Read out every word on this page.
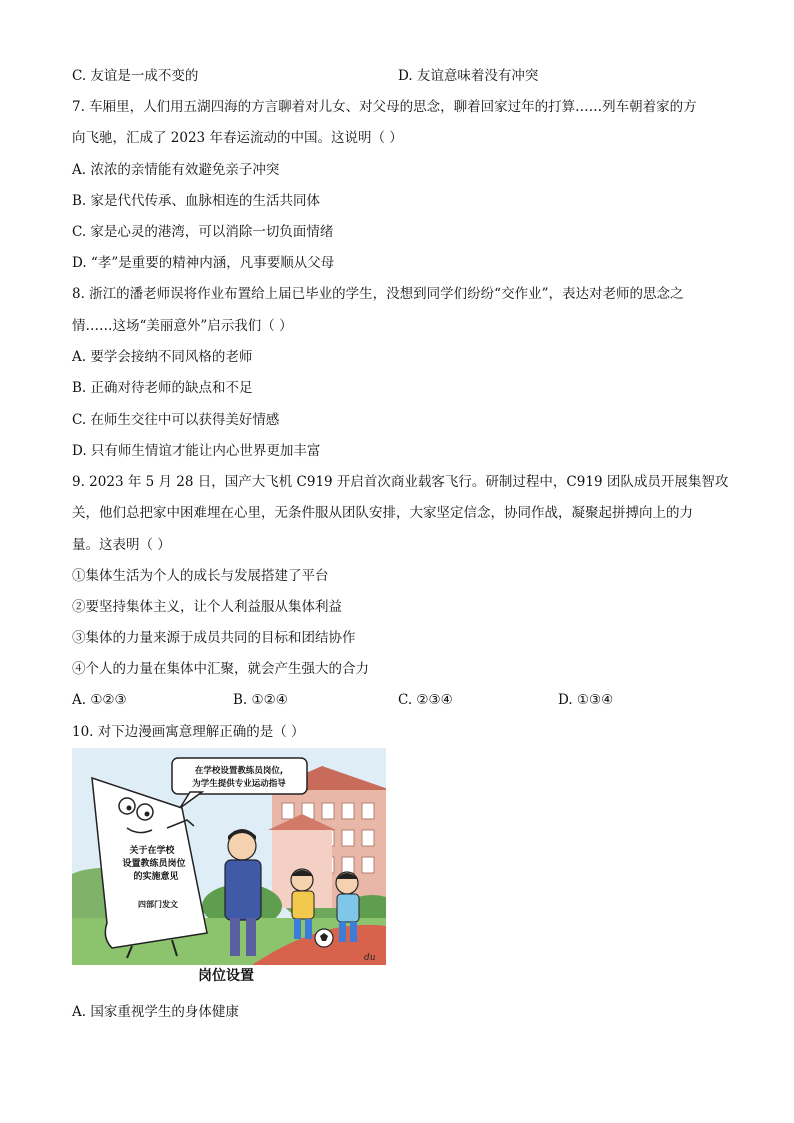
C. 友谊是一成不变的	D. 友谊意味着没有冲突
7. 车厢里，人们用五湖四海的方言聊着对儿女、对父母的思念，聊着回家过年的打算……列车朝着家的方
向飞驰，汇成了 2023 年春运流动的中国。这说明（ ）
A. 浓浓的亲情能有效避免亲子冲突
B. 家是代代传承、血脉相连的生活共同体
C. 家是心灵的港湾，可以消除一切负面情绪
D. “孝”是重要的精神内涵，凡事要顺从父母
8. 浙江的潘老师误将作业布置给上届已毕业的学生，没想到同学们纷纷“交作业”，表达对老师的思念之
情……这场“美丽意外”启示我们（ ）
A. 要学会接纳不同风格的老师
B. 正确对待老师的缺点和不足
C. 在师生交往中可以获得美好情感
D. 只有师生情谊才能让内心世界更加丰富
9. 2023 年 5 月 28 日，国产大飞机 C919 开启首次商业载客飞行。研制过程中，C919 团队成员开展集智攻
关，他们总把家中困难埋在心里，无条件服从团队安排，大家坚定信念，协同作战，凝聚起拼搏向上的力
量。这表明（ ）
①集体生活为个人的成长与发展搭建了平台
②要坚持集体主义，让个人利益服从集体利益
③集体的力量来源于成员共同的目标和团结协作
④个人的力量在集体中汇聚，就会产生强大的合力
A. ①②③	B. ①②④	C. ②③④	D. ①③④
10. 对下边漫画寓意理解正确的是（ ）
在学校设置教练员岗位,
为学生提供专业运动指导
关于在学校
设置教练员岗位
的实施意见
四部门发文
du
岗位设置
A. 国家重视学生的身体健康
